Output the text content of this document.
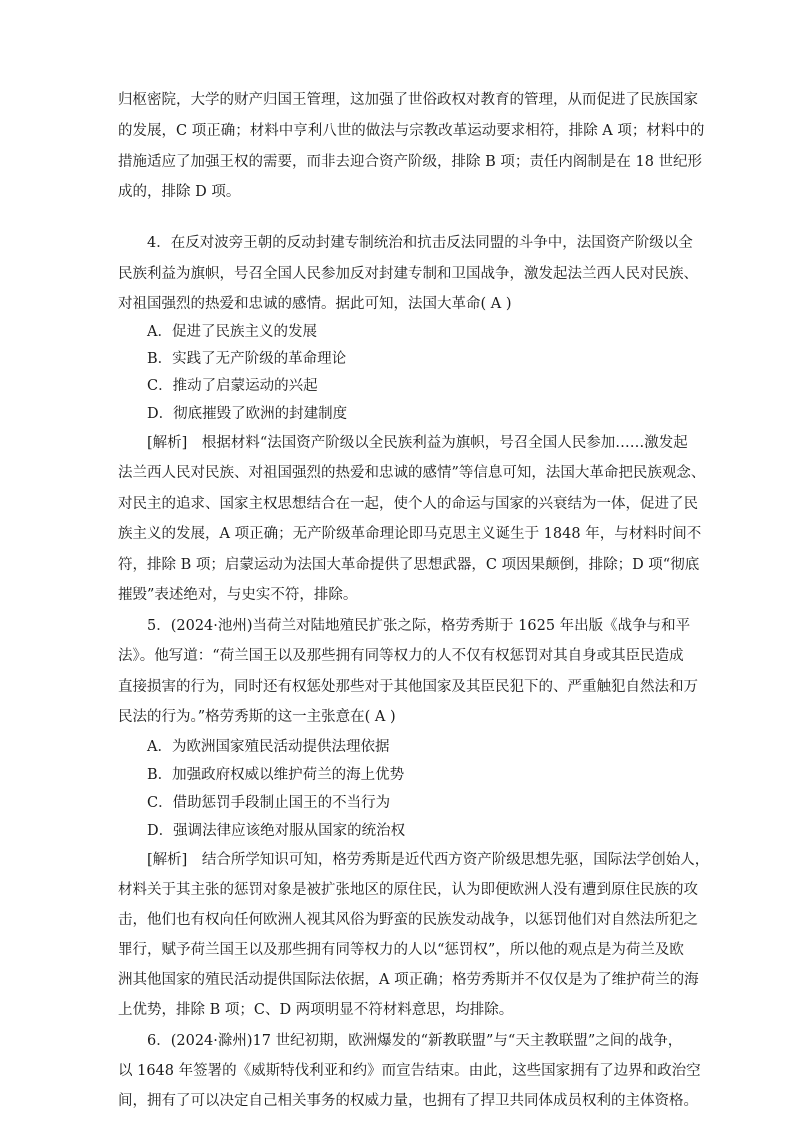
归枢密院，大学的财产归国王管理，这加强了世俗政权对教育的管理，从而促进了民族国家
的发展，C 项正确；材料中亨利八世的做法与宗教改革运动要求相符，排除 A 项；材料中的
措施适应了加强王权的需要，而非去迎合资产阶级，排除 B 项；责任内阁制是在 18 世纪形
成的，排除 D 项。
4．在反对波旁王朝的反动封建专制统治和抗击反法同盟的斗争中，法国资产阶级以全
民族利益为旗帜，号召全国人民参加反对封建专制和卫国战争，激发起法兰西人民对民族、
对祖国强烈的热爱和忠诚的感情。据此可知，法国大革命( A )
A．促进了民族主义的发展
B．实践了无产阶级的革命理论
C．推动了启蒙运动的兴起
D．彻底摧毁了欧洲的封建制度
[解析]　根据材料“法国资产阶级以全民族利益为旗帜，号召全国人民参加……激发起
法兰西人民对民族、对祖国强烈的热爱和忠诚的感情”等信息可知，法国大革命把民族观念、
对民主的追求、国家主权思想结合在一起，使个人的命运与国家的兴衰结为一体，促进了民
族主义的发展，A 项正确；无产阶级革命理论即马克思主义诞生于 1848 年，与材料时间不
符，排除 B 项；启蒙运动为法国大革命提供了思想武器，C 项因果颠倒，排除；D 项“彻底
摧毁”表述绝对，与史实不符，排除。
5．(2024·池州)当荷兰对陆地殖民扩张之际，格劳秀斯于 1625 年出版《战争与和平
法》。他写道：“荷兰国王以及那些拥有同等权力的人不仅有权惩罚对其自身或其臣民造成
直接损害的行为，同时还有权惩处那些对于其他国家及其臣民犯下的、严重触犯自然法和万
民法的行为。”格劳秀斯的这一主张意在( A )
A．为欧洲国家殖民活动提供法理依据
B．加强政府权威以维护荷兰的海上优势
C．借助惩罚手段制止国王的不当行为
D．强调法律应该绝对服从国家的统治权
[解析]　结合所学知识可知，格劳秀斯是近代西方资产阶级思想先驱，国际法学创始人，
材料关于其主张的惩罚对象是被扩张地区的原住民，认为即便欧洲人没有遭到原住民族的攻
击，他们也有权向任何欧洲人视其风俗为野蛮的民族发动战争，以惩罚他们对自然法所犯之
罪行，赋予荷兰国王以及那些拥有同等权力的人以“惩罚权”，所以他的观点是为荷兰及欧
洲其他国家的殖民活动提供国际法依据，A 项正确；格劳秀斯并不仅仅是为了维护荷兰的海
上优势，排除 B 项；C、D 两项明显不符材料意思，均排除。
6．(2024·滁州)17 世纪初期，欧洲爆发的“新教联盟”与“天主教联盟”之间的战争，
以 1648 年签署的《威斯特伐利亚和约》而宣告结束。由此，这些国家拥有了边界和政治空
间，拥有了可以决定自己相关事务的权威力量，也拥有了捍卫共同体成员权利的主体资格。
